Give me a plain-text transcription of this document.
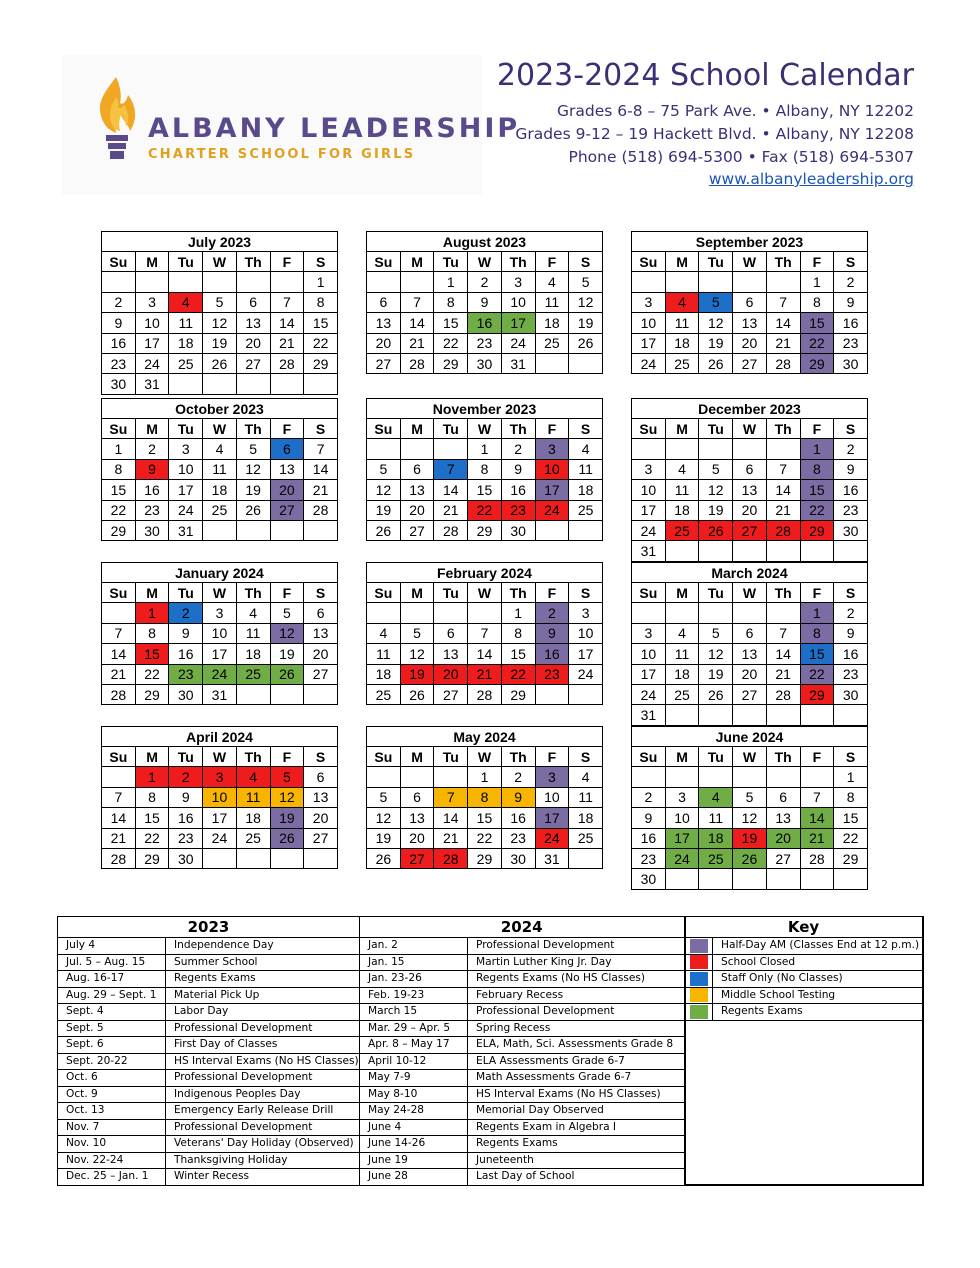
ALBANY LEADERSHIP
CHARTER SCHOOL FOR GIRLS
2023-2024 School Calendar
Grades 6-8 – 75 Park Ave. • Albany, NY 12202
Grades 9-12 – 19 Hackett Blvd. • Albany, NY 12208
Phone (518) 694-5300 • Fax (518) 694-5307
www.albanyleadership.org
July 2023						
Su	M	Tu	W	Th	F	S
						1
2	3	4	5	6	7	8
9	10	11	12	13	14	15
16	17	18	19	20	21	22
23	24	25	26	27	28	29
30	31					
August 2023						
Su	M	Tu	W	Th	F	S
		1	2	3	4	5
6	7	8	9	10	11	12
13	14	15	16	17	18	19
20	21	22	23	24	25	26
27	28	29	30	31		
September 2023						
Su	M	Tu	W	Th	F	S
					1	2
3	4	5	6	7	8	9
10	11	12	13	14	15	16
17	18	19	20	21	22	23
24	25	26	27	28	29	30
October 2023						
Su	M	Tu	W	Th	F	S
1	2	3	4	5	6	7
8	9	10	11	12	13	14
15	16	17	18	19	20	21
22	23	24	25	26	27	28
29	30	31				
November 2023						
Su	M	Tu	W	Th	F	S
			1	2	3	4
5	6	7	8	9	10	11
12	13	14	15	16	17	18
19	20	21	22	23	24	25
26	27	28	29	30		
December 2023						
Su	M	Tu	W	Th	F	S
					1	2
3	4	5	6	7	8	9
10	11	12	13	14	15	16
17	18	19	20	21	22	23
24	25	26	27	28	29	30
31						
January 2024						
Su	M	Tu	W	Th	F	S
	1	2	3	4	5	6
7	8	9	10	11	12	13
14	15	16	17	18	19	20
21	22	23	24	25	26	27
28	29	30	31			
February 2024						
Su	M	Tu	W	Th	F	S
				1	2	3
4	5	6	7	8	9	10
11	12	13	14	15	16	17
18	19	20	21	22	23	24
25	26	27	28	29		
March 2024						
Su	M	Tu	W	Th	F	S
					1	2
3	4	5	6	7	8	9
10	11	12	13	14	15	16
17	18	19	20	21	22	23
24	25	26	27	28	29	30
31						
April 2024						
Su	M	Tu	W	Th	F	S
	1	2	3	4	5	6
7	8	9	10	11	12	13
14	15	16	17	18	19	20
21	22	23	24	25	26	27
28	29	30				
May 2024						
Su	M	Tu	W	Th	F	S
			1	2	3	4
5	6	7	8	9	10	11
12	13	14	15	16	17	18
19	20	21	22	23	24	25
26	27	28	29	30	31	
June 2024						
Su	M	Tu	W	Th	F	S
						1
2	3	4	5	6	7	8
9	10	11	12	13	14	15
16	17	18	19	20	21	22
23	24	25	26	27	28	29
30						
2023		2024		Key	
July 4	Independence Day	Jan. 2	Professional Development		Half-Day AM (Classes End at 12 p.m.)
Jul. 5 – Aug. 15	Summer School	Jan. 15	Martin Luther King Jr. Day		School Closed
Aug. 16-17	Regents Exams	Jan. 23-26	Regents Exams (No HS Classes)		Staff Only (No Classes)
Aug. 29 – Sept. 1	Material Pick Up	Feb. 19-23	February Recess		Middle School Testing
Sept. 4	Labor Day	March 15	Professional Development		Regents Exams
Sept. 5	Professional Development	Mar. 29 – Apr. 5	Spring Recess		
Sept. 6	First Day of Classes	Apr. 8 – May 17	ELA, Math, Sci. Assessments Grade 8		
Sept. 20-22	HS Interval Exams (No HS Classes)	April 10-12	ELA Assessments Grade 6-7		
Oct. 6	Professional Development	May 7-9	Math Assessments Grade 6-7		
Oct. 9	Indigenous Peoples Day	May 8-10	HS Interval Exams (No HS Classes)		
Oct. 13	Emergency Early Release Drill	May 24-28	Memorial Day Observed		
Nov. 7	Professional Development	June 4	Regents Exam in Algebra I		
Nov. 10	Veterans' Day Holiday (Observed)	June 14-26	Regents Exams		
Nov. 22-24	Thanksgiving Holiday	June 19	Juneteenth		
Dec. 25 – Jan. 1	Winter Recess	June 28	Last Day of School		
